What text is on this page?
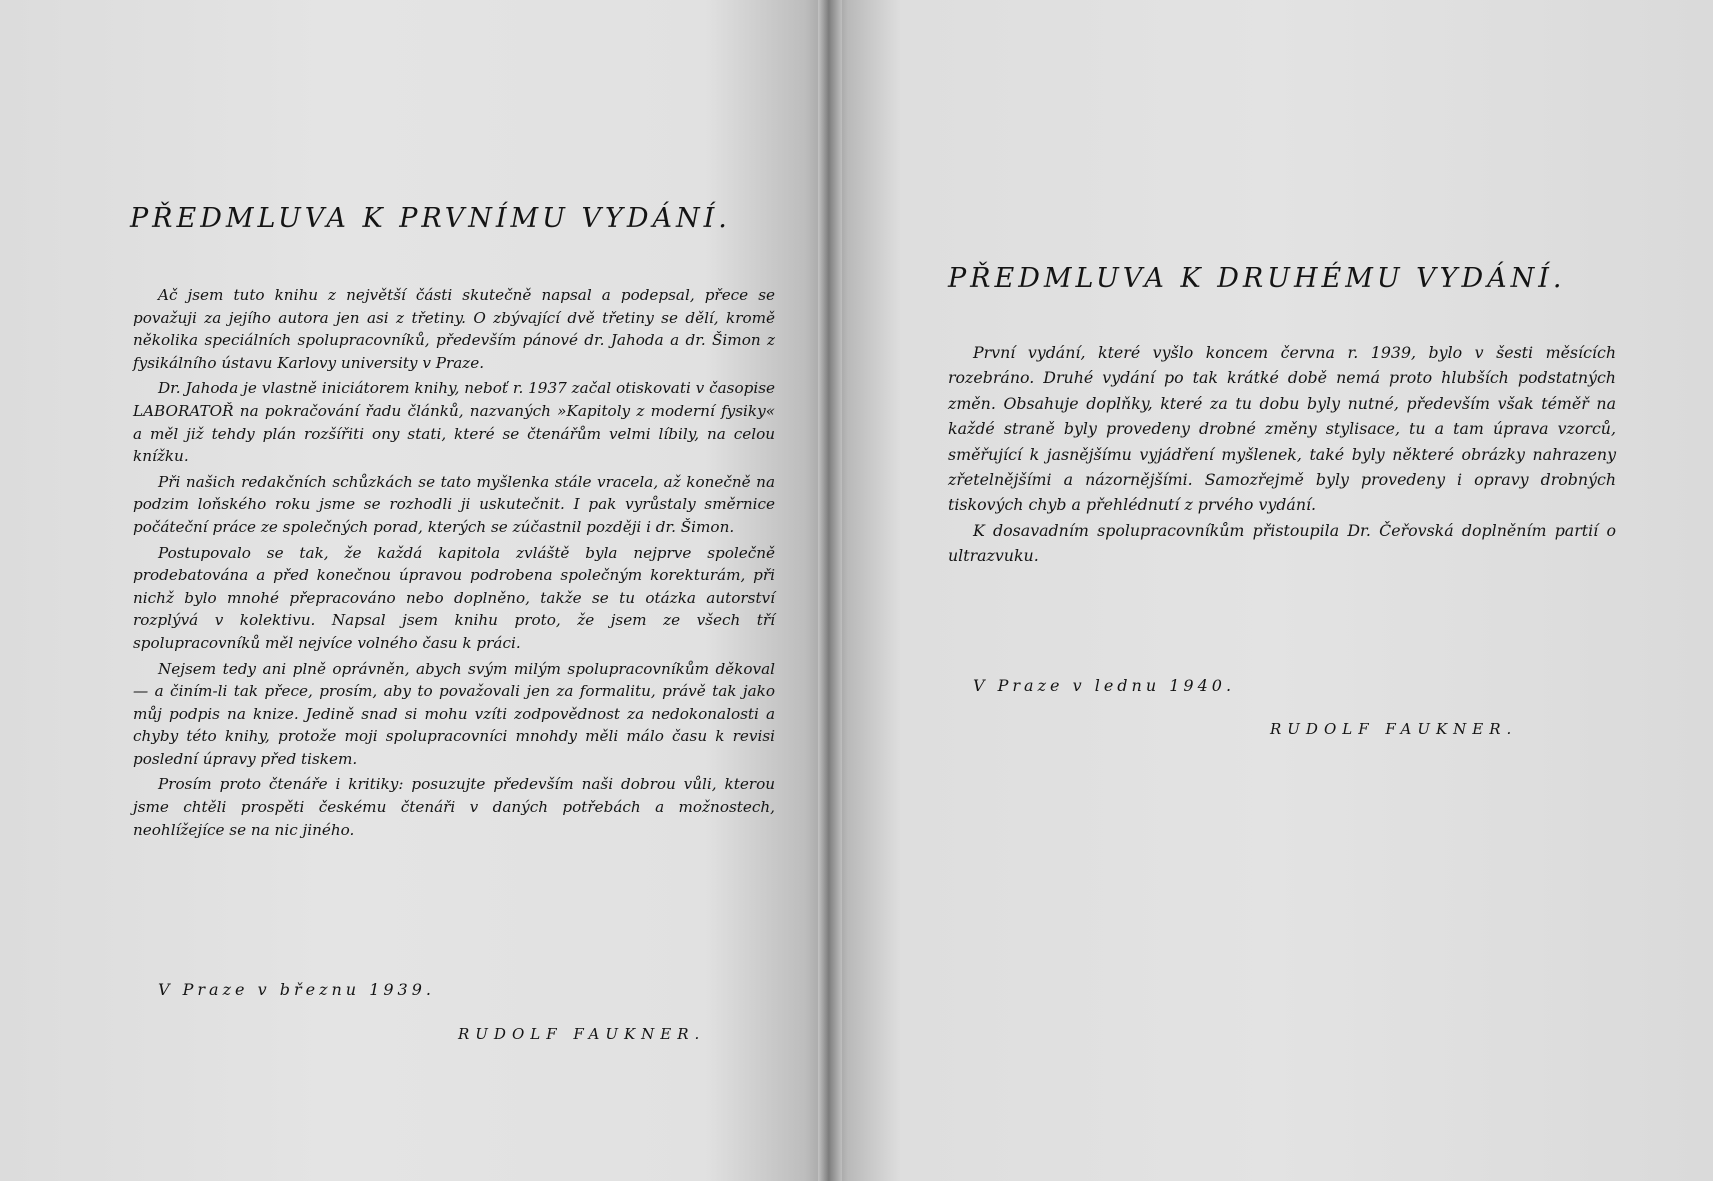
PŘEDMLUVA K PRVNÍMU VYDÁNÍ.

Ač jsem tuto knihu z největší části skutečně napsal a podepsal, přece se považuji za jejího autora jen asi z třetiny. O zbývající dvě třetiny se dělí, kromě několika speciálních spolupracovníků, především pánové dr. Jahoda a dr. Šimon z fysikálního ústavu Karlovy university v Praze.

Dr. Jahoda je vlastně iniciátorem knihy, neboť r. 1937 začal otiskovati v časopise LABORATOŘ na pokračování řadu článků, nazvaných »Kapitoly z moderní fysiky« a měl již tehdy plán rozšířiti ony stati, které se čtenářům velmi líbily, na celou knížku.

Při našich redakčních schůzkách se tato myšlenka stále vracela, až konečně na podzim loňského roku jsme se rozhodli ji uskutečnit. I pak vyrůstaly směrnice počáteční práce ze společných porad, kterých se zúčastnil později i dr. Šimon.

Postupovalo se tak, že každá kapitola zvláště byla nejprve společně prodebatována a před konečnou úpravou podrobena společným korekturám, při nichž bylo mnohé přepracováno nebo doplněno, takže se tu otázka autorství rozplývá v kolektivu. Napsal jsem knihu proto, že jsem ze všech tří spolupracovníků měl nejvíce volného času k práci.

Nejsem tedy ani plně oprávněn, abych svým milým spolupracovníkům děkoval — a činím-li tak přece, prosím, aby to považovali jen za formalitu, právě tak jako můj podpis na knize. Jedině snad si mohu vzíti zodpovědnost za nedokonalosti a chyby této knihy, protože moji spolupracovníci mnohdy měli málo času k revisi poslední úpravy před tiskem.

Prosím proto čtenáře i kritiky: posuzujte především naši dobrou vůli, kterou jsme chtěli prospěti českému čtenáři v daných potřebách a možnostech, neohlížejíce se na nic jiného.

V Praze v březnu 1939.
RUDOLF FAUKNER.
PŘEDMLUVA K DRUHÉMU VYDÁNÍ.

První vydání, které vyšlo koncem června r. 1939, bylo v šesti měsících rozebráno. Druhé vydání po tak krátké době nemá proto hlubších podstatných změn. Obsahuje doplňky, které za tu dobu byly nutné, především však téměř na každé straně byly provedeny drobné změny stylisace, tu a tam úprava vzorců, směřující k jasnějšímu vyjádření myšlenek, také byly některé obrázky nahrazeny zřetelnějšími a názornějšími. Samozřejmě byly provedeny i opravy drobných tiskových chyb a přehlédnutí z prvého vydání.

K dosavadním spolupracovníkům přistoupila Dr. Čeřovská doplněním partií o ultrazvuku.

V Praze v lednu 1940.
RUDOLF FAUKNER.
